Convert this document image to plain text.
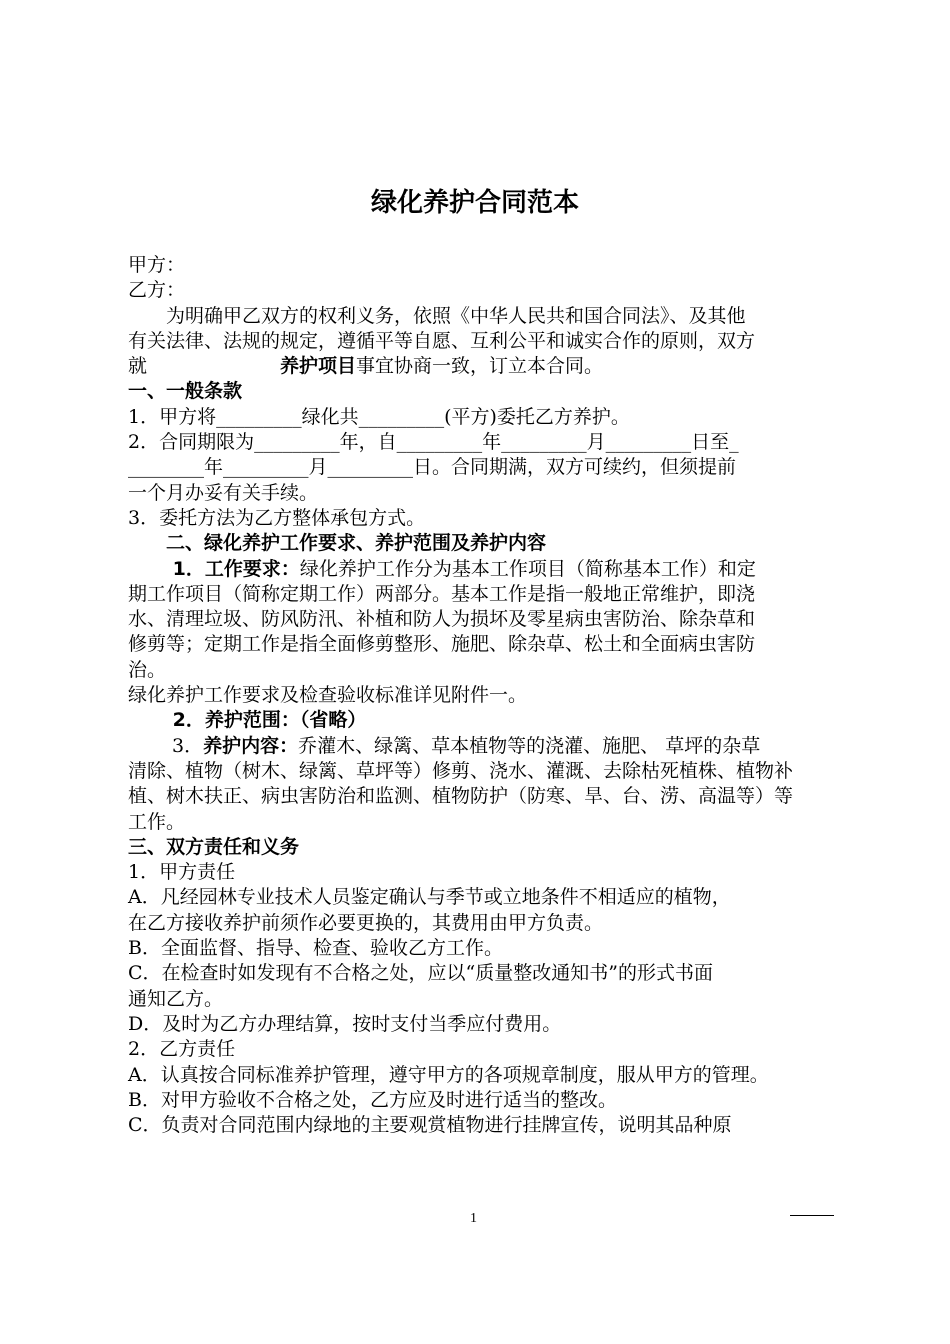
绿化养护合同范本
甲方：
乙方：
　　为明确甲乙双方的权利义务，依照《中华人民共和国合同法》、及其他
有关法律、法规的规定，遵循平等自愿、互利公平和诚实合作的原则，双方
就　　　　　　　	养护项目事宜协商一致，订立本合同。
一、一般条款
1．甲方将_________绿化共_________(平方)委托乙方养护。
2．合同期限为_________年，自_________年_________月_________日至_
________年_________月_________日。合同期满，双方可续约，但须提前
一个月办妥有关手续。
3．委托方法为乙方整体承包方式。
　　二、绿化养护工作要求、养护范围及养护内容
　　 1．工作要求：绿化养护工作分为基本工作项目（简称基本工作）和定
期工作项目（简称定期工作）两部分。基本工作是指一般地正常维护，即浇
水、清理垃圾、防风防汛、补植和防人为损坏及零星病虫害防治、除杂草和
修剪等；定期工作是指全面修剪整形、施肥、除杂草、松土和全面病虫害防
治。
绿化养护工作要求及检查验收标准详见附件一。
　　 2．养护范围：（省略）
　　 3．养护内容：乔灌木、绿篱、草本植物等的浇灌、施肥、 草坪的杂草
清除、植物（树木、绿篱、草坪等）修剪、浇水、灌溉、去除枯死植株、植物补
植、树木扶正、病虫害防治和监测、植物防护（防寒、旱、台、涝、高温等）等
工作。
三、双方责任和义务
1．甲方责任
A．凡经园林专业技术人员鉴定确认与季节或立地条件不相适应的植物，
在乙方接收养护前须作必要更换的，其费用由甲方负责。
B．全面监督、指导、检查、验收乙方工作。
C．在检查时如发现有不合格之处，应以“质量整改通知书”的形式书面
通知乙方。
D．及时为乙方办理结算，按时支付当季应付费用。
2．乙方责任
A．认真按合同标准养护管理，遵守甲方的各项规章制度，服从甲方的管理。
B．对甲方验收不合格之处，乙方应及时进行适当的整改。
C．负责对合同范围内绿地的主要观赏植物进行挂牌宣传，说明其品种原
1
